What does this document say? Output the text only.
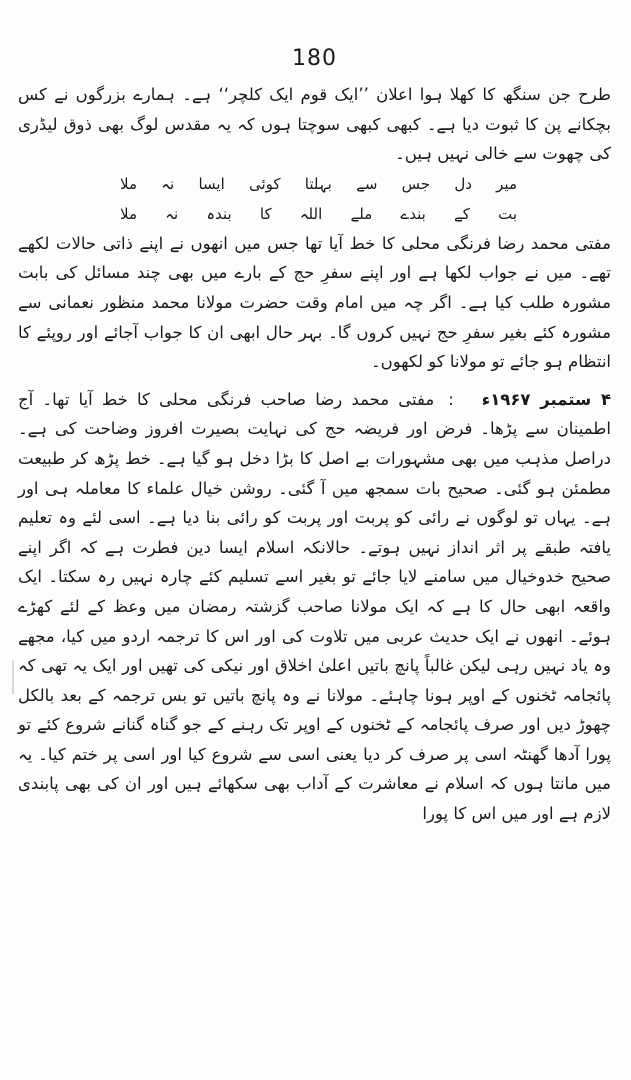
180

طرح جن سنگھ کا کھلا ہوا اعلان ’’ایک قوم ایک کلچر‘‘ ہے۔ ہمارے بزرگوں نے کس بچکانے پن کا ثبوت دیا ہے۔ کبھی کبھی سوچتا ہوں کہ یہ مقدس لوگ بھی ذوق لیڈری کی چھوت سے خالی نہیں ہیں۔

میر دل جس سے بہلتا کوئی ایسا نہ ملا
بت کے بندے ملے اللہ کا بندہ نہ ملا

مفتی محمد رضا فرنگی محلی کا خط آیا تھا جس میں انھوں نے اپنے ذاتی حالات لکھے تھے۔ میں نے جواب لکھا ہے اور اپنے سفرِ حج کے بارے میں بھی چند مسائل کی بابت مشورہ طلب کیا ہے۔ اگر چہ میں امام وقت حضرت مولانا محمد منظور نعمانی سے مشورہ کئے بغیر سفرِ حج نہیں کروں گا۔ بہر حال ابھی ان کا جواب آجائے اور روپئے کا انتظام ہو جائے تو مولانا کو لکھوں۔

۴ ستمبر ۱۹۶۷ء:مفتی محمد رضا صاحب فرنگی محلی کا خط آیا تھا۔ آج اطمینان سے پڑھا۔ فرض اور فریضہ حج کی نہایت بصیرت افروز وضاحت کی ہے۔ دراصل مذہب میں بھی مشہورات بے اصل کا بڑا دخل ہو گیا ہے۔ خط پڑھ کر طبیعت مطمئن ہو گئی۔ صحیح بات سمجھ میں آ گئی۔ روشن خیال علماء کا معاملہ ہی اور ہے۔ یہاں تو لوگوں نے رائی کو پربت اور پربت کو رائی بنا دیا ہے۔ اسی لئے وہ تعلیم یافتہ طبقے پر اثر انداز نہیں ہوتے۔ حالانکہ اسلام ایسا دین فطرت ہے کہ اگر اپنے صحیح خدوخیال میں سامنے لایا جائے تو بغیر اسے تسلیم کئے چارہ نہیں رہ سکتا۔ ایک واقعہ ابھی حال کا ہے کہ ایک مولانا صاحب گزشتہ رمضان میں وعظ کے لئے کھڑے ہوئے۔ انھوں نے ایک حدیث عربی میں تلاوت کی اور اس کا ترجمہ اردو میں کیا، مجھے وہ یاد نہیں رہی لیکن غالباً پانچ باتیں اعلیٰ اخلاق اور نیکی کی تھیں اور ایک یہ تھی کہ پائجامہ ٹخنوں کے اوپر ہونا چاہئے۔ مولانا نے وہ پانچ باتیں تو بس ترجمہ کے بعد بالکل چھوڑ دیں اور صرف پائجامہ کے ٹخنوں کے اوپر تک رہنے کے جو گناہ گنانے شروع کئے تو پورا آدھا گھنٹہ اسی پر صرف کر دیا یعنی اسی سے شروع کیا اور اسی پر ختم کیا۔ یہ میں مانتا ہوں کہ اسلام نے معاشرت کے آداب بھی سکھائے ہیں اور ان کی بھی پابندی لازم ہے اور میں اس کا پورا
